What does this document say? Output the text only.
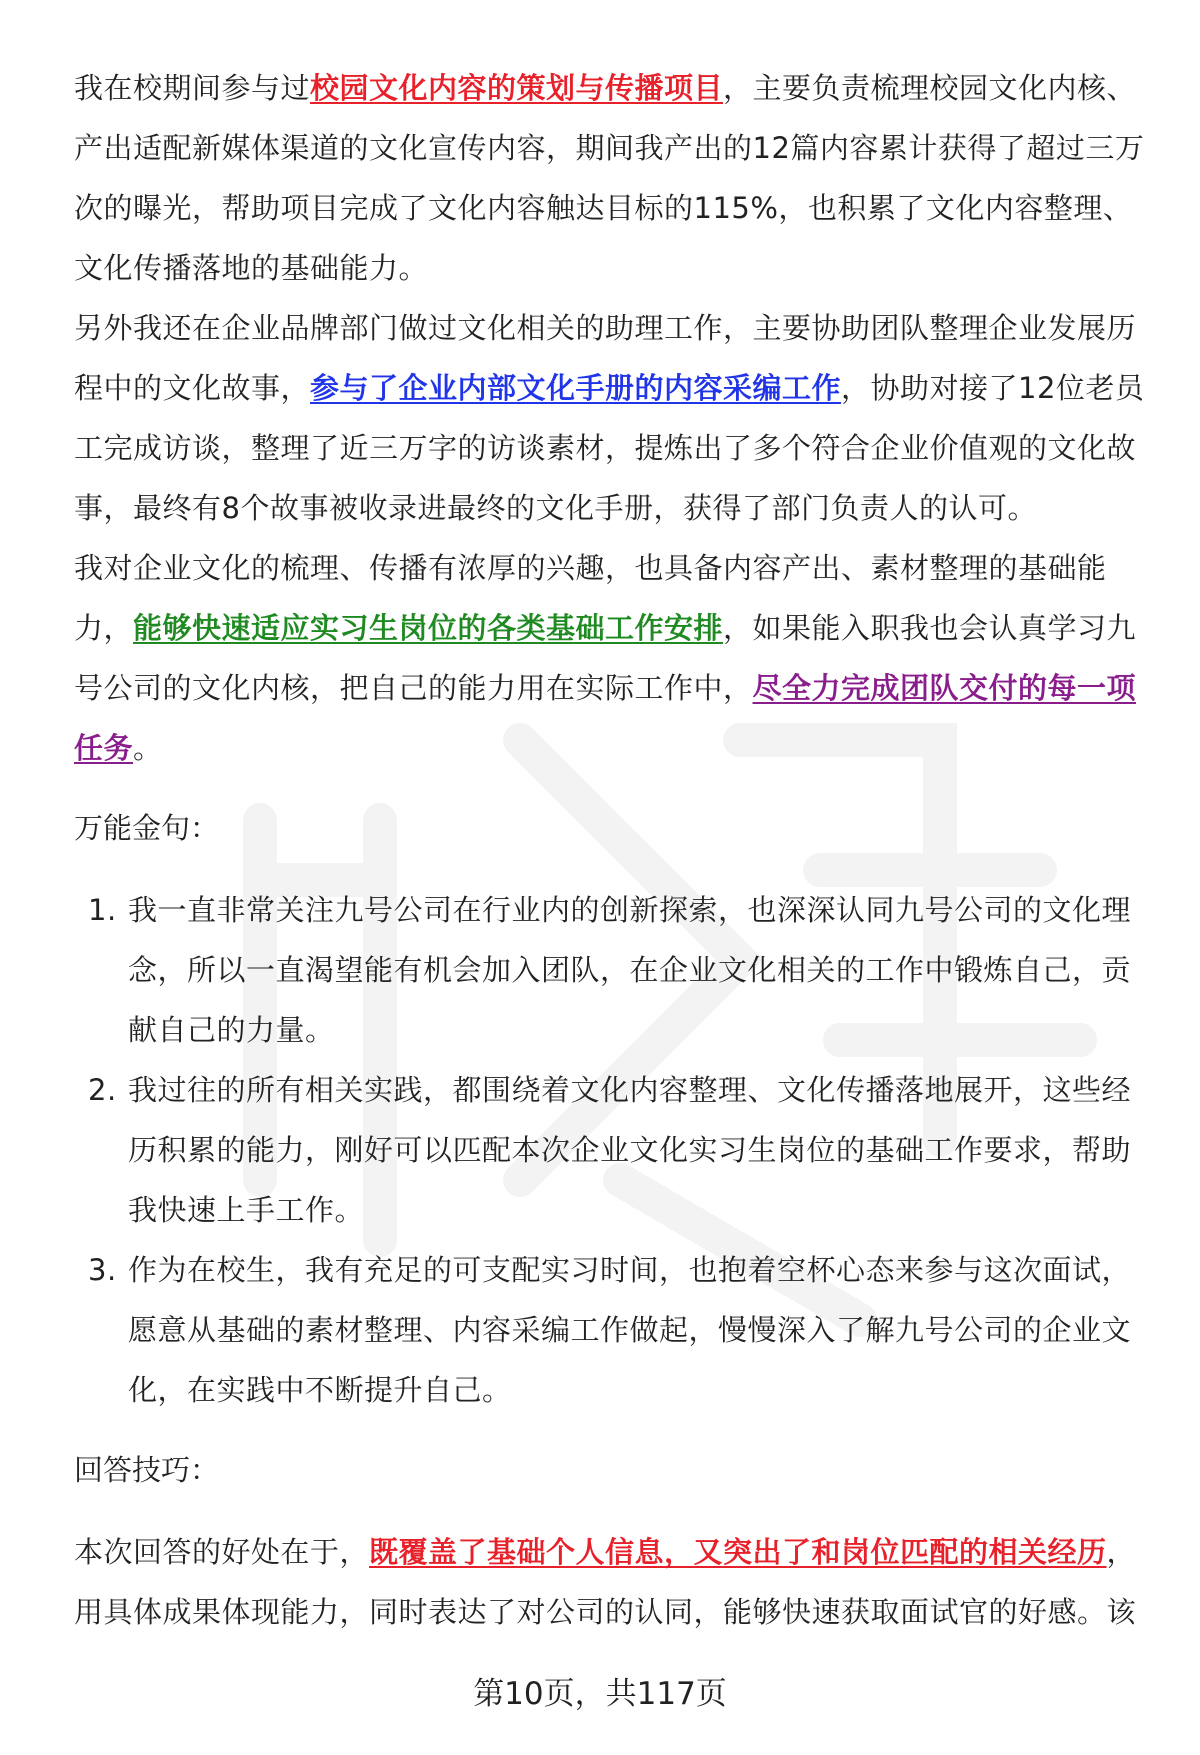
我在校期间参与过校园文化内容的策划与传播项目，主要负责梳理校园文化内核、产出适配新媒体渠道的文化宣传内容，期间我产出的12篇内容累计获得了超过三万次的曝光，帮助项目完成了文化内容触达目标的115%，也积累了文化内容整理、文化传播落地的基础能力。

另外我还在企业品牌部门做过文化相关的助理工作，主要协助团队整理企业发展历程中的文化故事，参与了企业内部文化手册的内容采编工作，协助对接了12位老员工完成访谈，整理了近三万字的访谈素材，提炼出了多个符合企业价值观的文化故事，最终有8个故事被收录进最终的文化手册，获得了部门负责人的认可。

我对企业文化的梳理、传播有浓厚的兴趣，也具备内容产出、素材整理的基础能力，能够快速适应实习生岗位的各类基础工作安排，如果能入职我也会认真学习九号公司的文化内核，把自己的能力用在实际工作中，尽全力完成团队交付的每一项任务。

万能金句：

1. 我一直非常关注九号公司在行业内的创新探索，也深深认同九号公司的文化理念，所以一直渴望能有机会加入团队，在企业文化相关的工作中锻炼自己，贡献自己的力量。
2. 我过往的所有相关实践，都围绕着文化内容整理、文化传播落地展开，这些经历积累的能力，刚好可以匹配本次企业文化实习生岗位的基础工作要求，帮助我快速上手工作。
3. 作为在校生，我有充足的可支配实习时间，也抱着空杯心态来参与这次面试，愿意从基础的素材整理、内容采编工作做起，慢慢深入了解九号公司的企业文化，在实践中不断提升自己。

回答技巧：

本次回答的好处在于，既覆盖了基础个人信息，又突出了和岗位匹配的相关经历，用具体成果体现能力，同时表达了对公司的认同，能够快速获取面试官的好感。该

第10页，共117页
